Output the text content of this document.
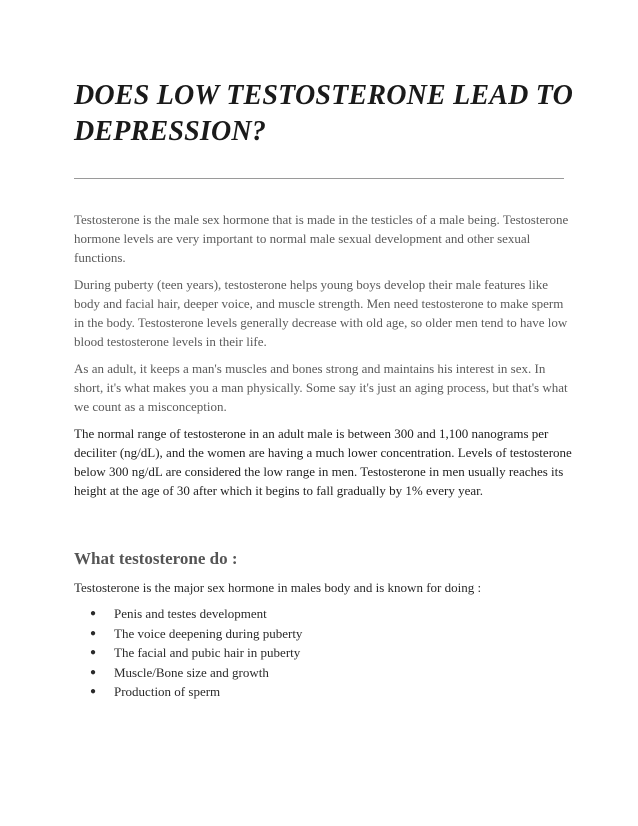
DOES LOW TESTOSTERONE LEAD TO DEPRESSION?

Testosterone is the male sex hormone that is made in the testicles of a male being. Testosterone hormone levels are very important to normal male sexual development and other sexual functions.

During puberty (teen years), testosterone helps young boys develop their male features like body and facial hair, deeper voice, and muscle strength. Men need testosterone to make sperm in the body. Testosterone levels generally decrease with old age, so older men tend to have low blood testosterone levels in their life.

As an adult, it keeps a man's muscles and bones strong and maintains his interest in sex. In short, it's what makes you a man physically. Some say it's just an aging process, but that's what we count as a misconception.

The normal range of testosterone in an adult male is between 300 and 1,100 nanograms per deciliter (ng/dL), and the women are having a much lower concentration. Levels of testosterone below 300 ng/dL are considered the low range in men. Testosterone in men usually reaches its height at the age of 30 after which it begins to fall gradually by 1% every year.

What testosterone do :

Testosterone is the major sex hormone in males body and is known for doing :

● Penis and testes development
● The voice deepening during puberty
● The facial and pubic hair in puberty
● Muscle/Bone size and growth
● Production of sperm
